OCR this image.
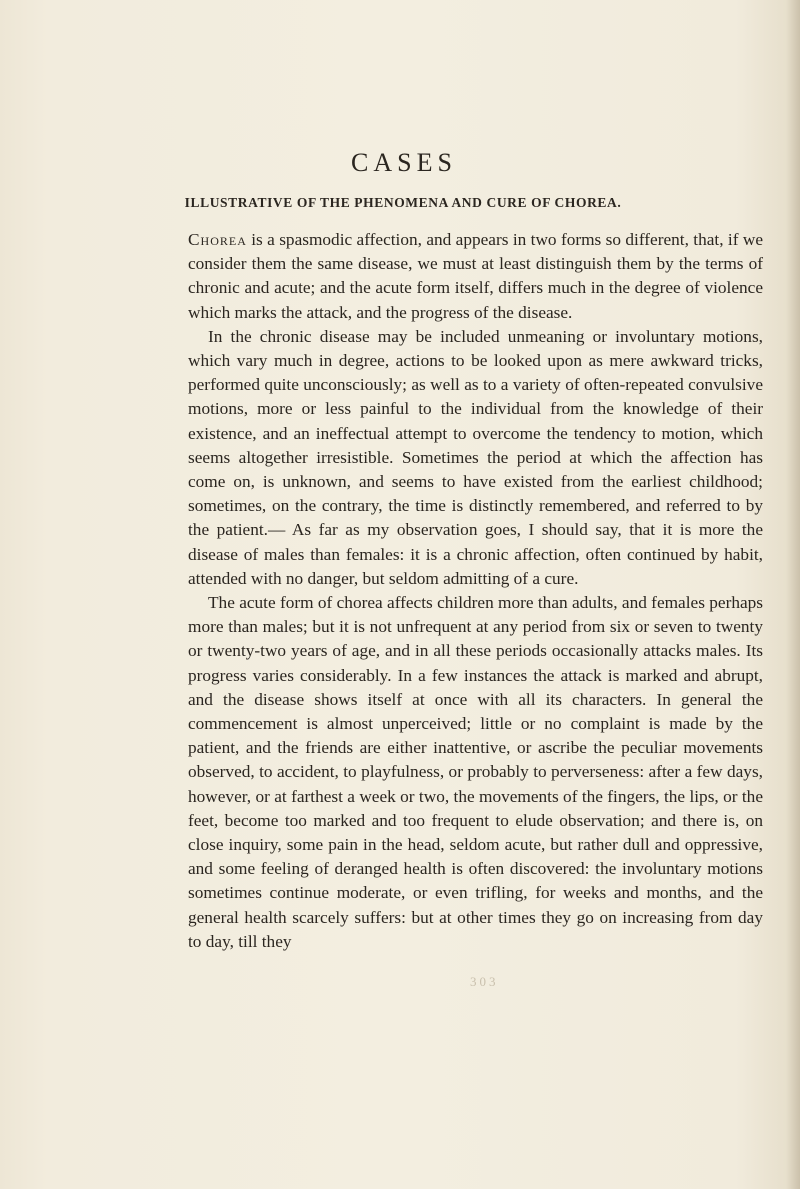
CASES
ILLUSTRATIVE OF THE PHENOMENA AND CURE OF CHOREA.

Chorea is a spasmodic affection, and appears in two forms so different, that, if we consider them the same disease, we must at least distinguish them by the terms of chronic and acute; and the acute form itself, differs much in the degree of violence which marks the attack, and the progress of the disease.

In the chronic disease may be included unmeaning or involuntary motions, which vary much in degree, actions to be looked upon as mere awkward tricks, performed quite unconsciously; as well as to a variety of often-repeated convulsive motions, more or less painful to the individual from the knowledge of their existence, and an ineffectual attempt to overcome the tendency to motion, which seems altogether irresistible. Sometimes the period at which the affection has come on, is unknown, and seems to have existed from the earliest childhood; sometimes, on the contrary, the time is distinctly remembered, and referred to by the patient.— As far as my observation goes, I should say, that it is more the disease of males than females: it is a chronic affection, often continued by habit, attended with no danger, but seldom admitting of a cure.

The acute form of chorea affects children more than adults, and females perhaps more than males; but it is not unfrequent at any period from six or seven to twenty or twenty-two years of age, and in all these periods occasionally attacks males. Its progress varies considerably. In a few instances the attack is marked and abrupt, and the disease shows itself at once with all its characters. In general the commencement is almost unperceived; little or no complaint is made by the patient, and the friends are either inattentive, or ascribe the peculiar movements observed, to accident, to playfulness, or probably to perverseness: after a few days, however, or at farthest a week or two, the movements of the fingers, the lips, or the feet, become too marked and too frequent to elude observation; and there is, on close inquiry, some pain in the head, seldom acute, but rather dull and oppressive, and some feeling of deranged health is often discovered: the involuntary motions sometimes continue moderate, or even trifling, for weeks and months, and the general health scarcely suffers: but at other times they go on increasing from day to day, till they

303
